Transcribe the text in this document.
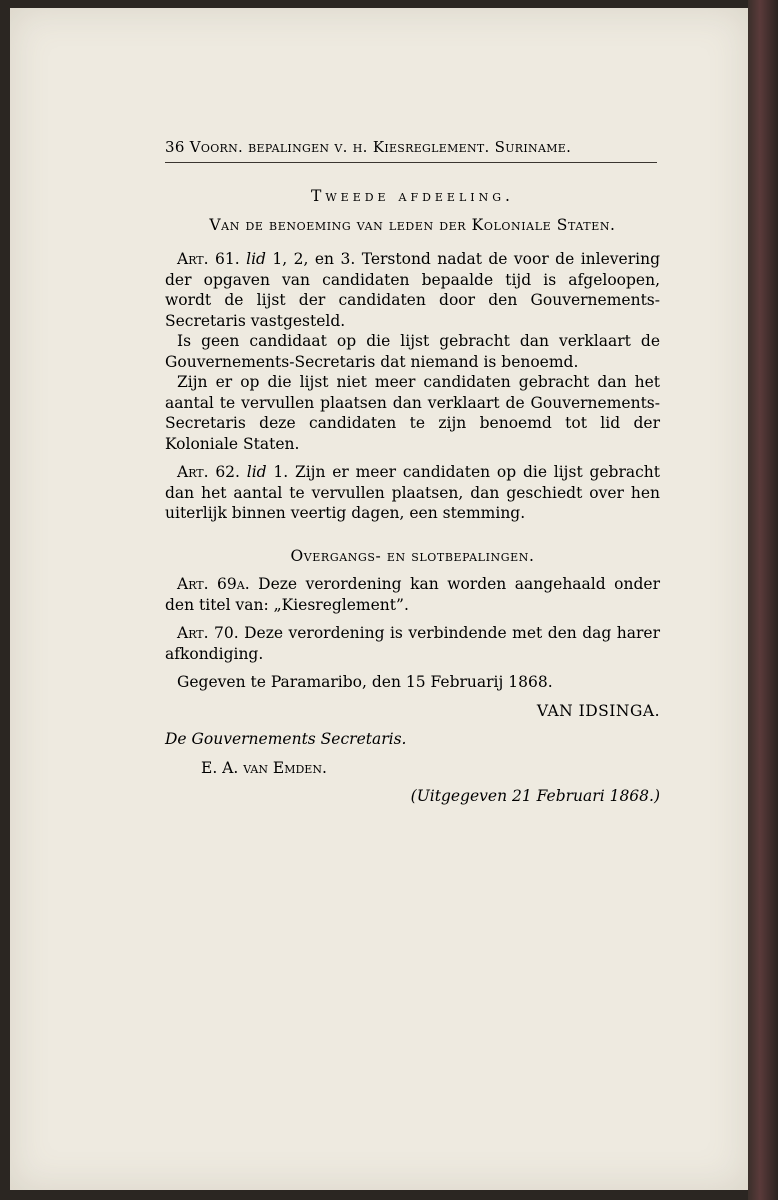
36 Voorn. bepalingen v. h. Kiesreglement. Suriname.

Tweede afdeeling.

Van de benoeming van leden der Koloniale Staten.

Art. 61. lid 1, 2, en 3. Terstond nadat de voor de inlevering der opgaven van candidaten bepaalde tijd is afgeloopen, wordt de lijst der candidaten door den Gouvernements-Secretaris vastgesteld.

Is geen candidaat op die lijst gebracht dan verklaart de Gouvernements-Secretaris dat niemand is benoemd.

Zijn er op die lijst niet meer candidaten gebracht dan het aantal te vervullen plaatsen dan verklaart de Gouvernements-Secretaris deze candidaten te zijn benoemd tot lid der Koloniale Staten.

Art. 62. lid 1. Zijn er meer candidaten op die lijst gebracht dan het aantal te vervullen plaatsen, dan geschiedt over hen uiterlijk binnen veertig dagen, een stemming.

Overgangs- en slotbepalingen.

Art. 69a. Deze verordening kan worden aangehaald onder den titel van: „Kiesreglement”.

Art. 70. Deze verordening is verbindende met den dag harer afkondiging.

Gegeven te Paramaribo, den 15 Februarij 1868.

VAN IDSINGA.

De Gouvernements Secretaris.

E. A. van Emden.

(Uitgegeven 21 Februari 1868.)
